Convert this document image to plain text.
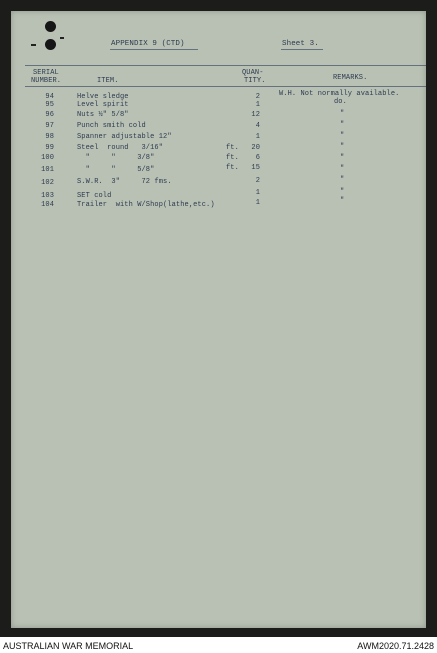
APPENDIX 9 (CTD)	Sheet 3.
SERIAL
NUMBER.	ITEM.
QUAN-
TITY.	REMARKS.
94	Helve sledge	2	W.H. Not normally available.
95	Level spirit	1	do.
96	Nuts ½" 5/8"	12	"
97	Punch smith cold	4	"
98	Spanner adjustable 12"	1	"
99	Steel  round   3/16"	ft. 20	"
100	"     "     3/8"	ft. 6	"
101	"     "     5/8"	ft. 15	"
102	S.W.R.  3"     72 fms.	2	"
103	SET cold	1	"
104	Trailer  with W/Shop(lathe,etc.)	1	"
AUSTRALIAN WAR MEMORIAL	AWM2020.71.2428
